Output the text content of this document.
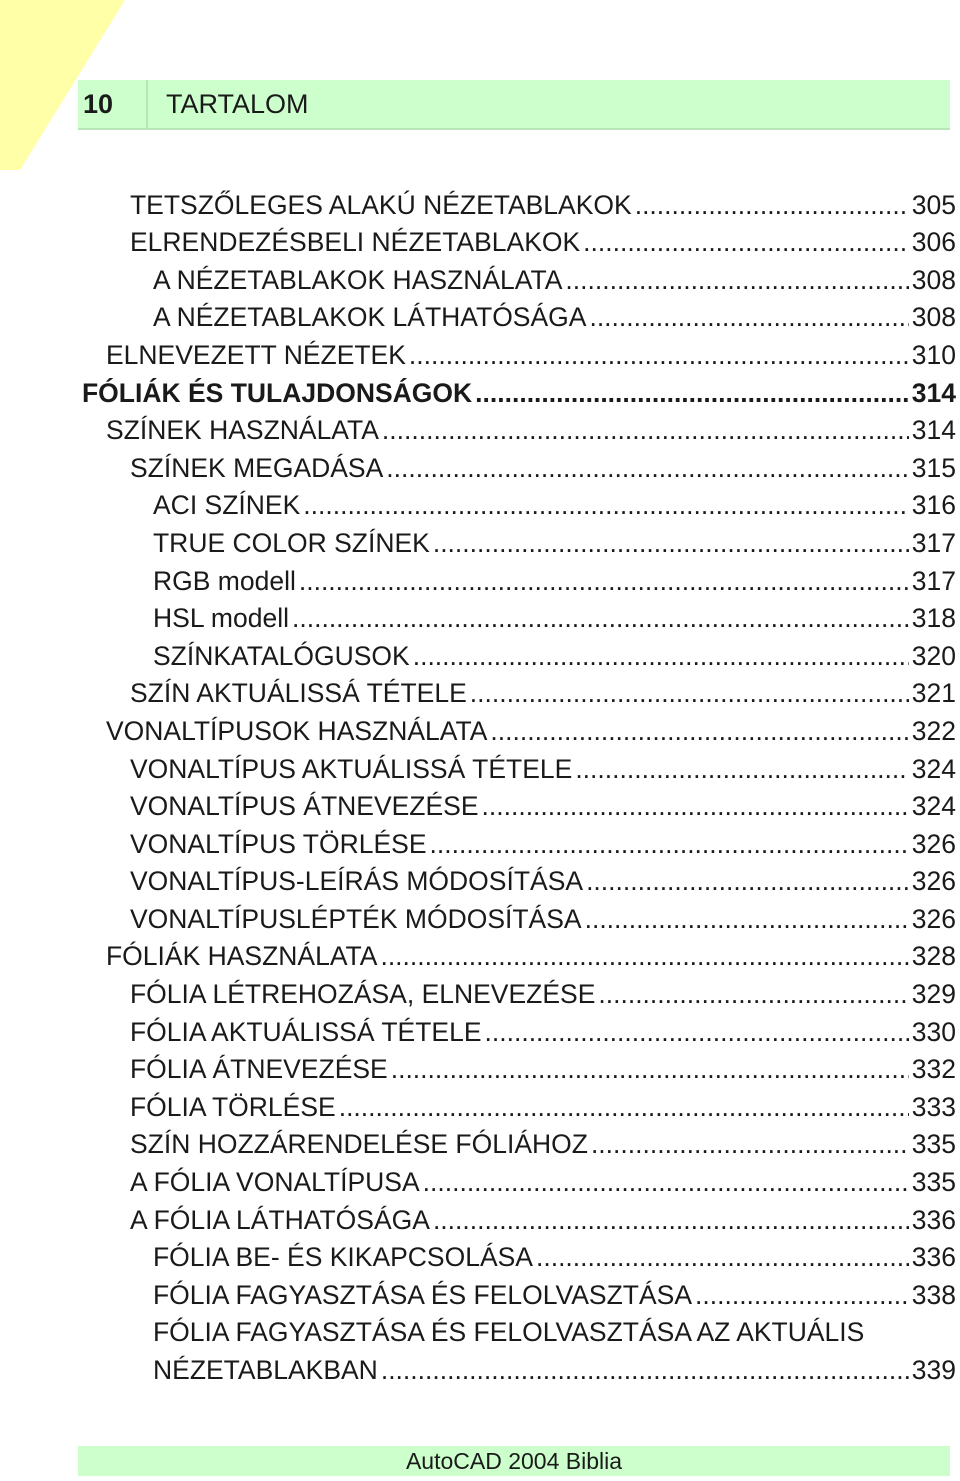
10	TARTALOM
TETSZŐLEGES ALAKÚ NÉZETABLAKOK .....	305
ELRENDEZÉSBELI NÉZETABLAKOK .....	306
A NÉZETABLAKOK HASZNÁLATA .....	308
A NÉZETABLAKOK LÁTHATÓSÁGA .....	308
ELNEVEZETT NÉZETEK .....	310
FÓLIÁK ÉS TULAJDONSÁGOK .....	314
SZÍNEK HASZNÁLATA .....	314
SZÍNEK MEGADÁSA .....	315
ACI SZÍNEK .....	316
TRUE COLOR SZÍNEK .....	317
RGB modell .....	317
HSL modell .....	318
SZÍNKATALÓGUSOK .....	320
SZÍN AKTUÁLISSÁ TÉTELE .....	321
VONALTÍPUSOK HASZNÁLATA .....	322
VONALTÍPUS AKTUÁLISSÁ TÉTELE .....	324
VONALTÍPUS ÁTNEVEZÉSE .....	324
VONALTÍPUS TÖRLÉSE .....	326
VONALTÍPUS-LEÍRÁS MÓDOSÍTÁSA .....	326
VONALTÍPUSLÉPTÉK MÓDOSÍTÁSA .....	326
FÓLIÁK HASZNÁLATA .....	328
FÓLIA LÉTREHOZÁSA, ELNEVEZÉSE .....	329
FÓLIA AKTUÁLISSÁ TÉTELE .....	330
FÓLIA ÁTNEVEZÉSE .....	332
FÓLIA TÖRLÉSE .....	333
SZÍN HOZZÁRENDELÉSE FÓLIÁHOZ .....	335
A FÓLIA VONALTÍPUSA .....	335
A FÓLIA LÁTHATÓSÁGA .....	336
FÓLIA BE- ÉS KIKAPCSOLÁSA .....	336
FÓLIA FAGYASZTÁSA ÉS FELOLVASZTÁSA .....	338
FÓLIA FAGYASZTÁSA ÉS FELOLVASZTÁSA AZ AKTUÁLIS
NÉZETABLAKBAN .....	339
AutoCAD 2004 Biblia
